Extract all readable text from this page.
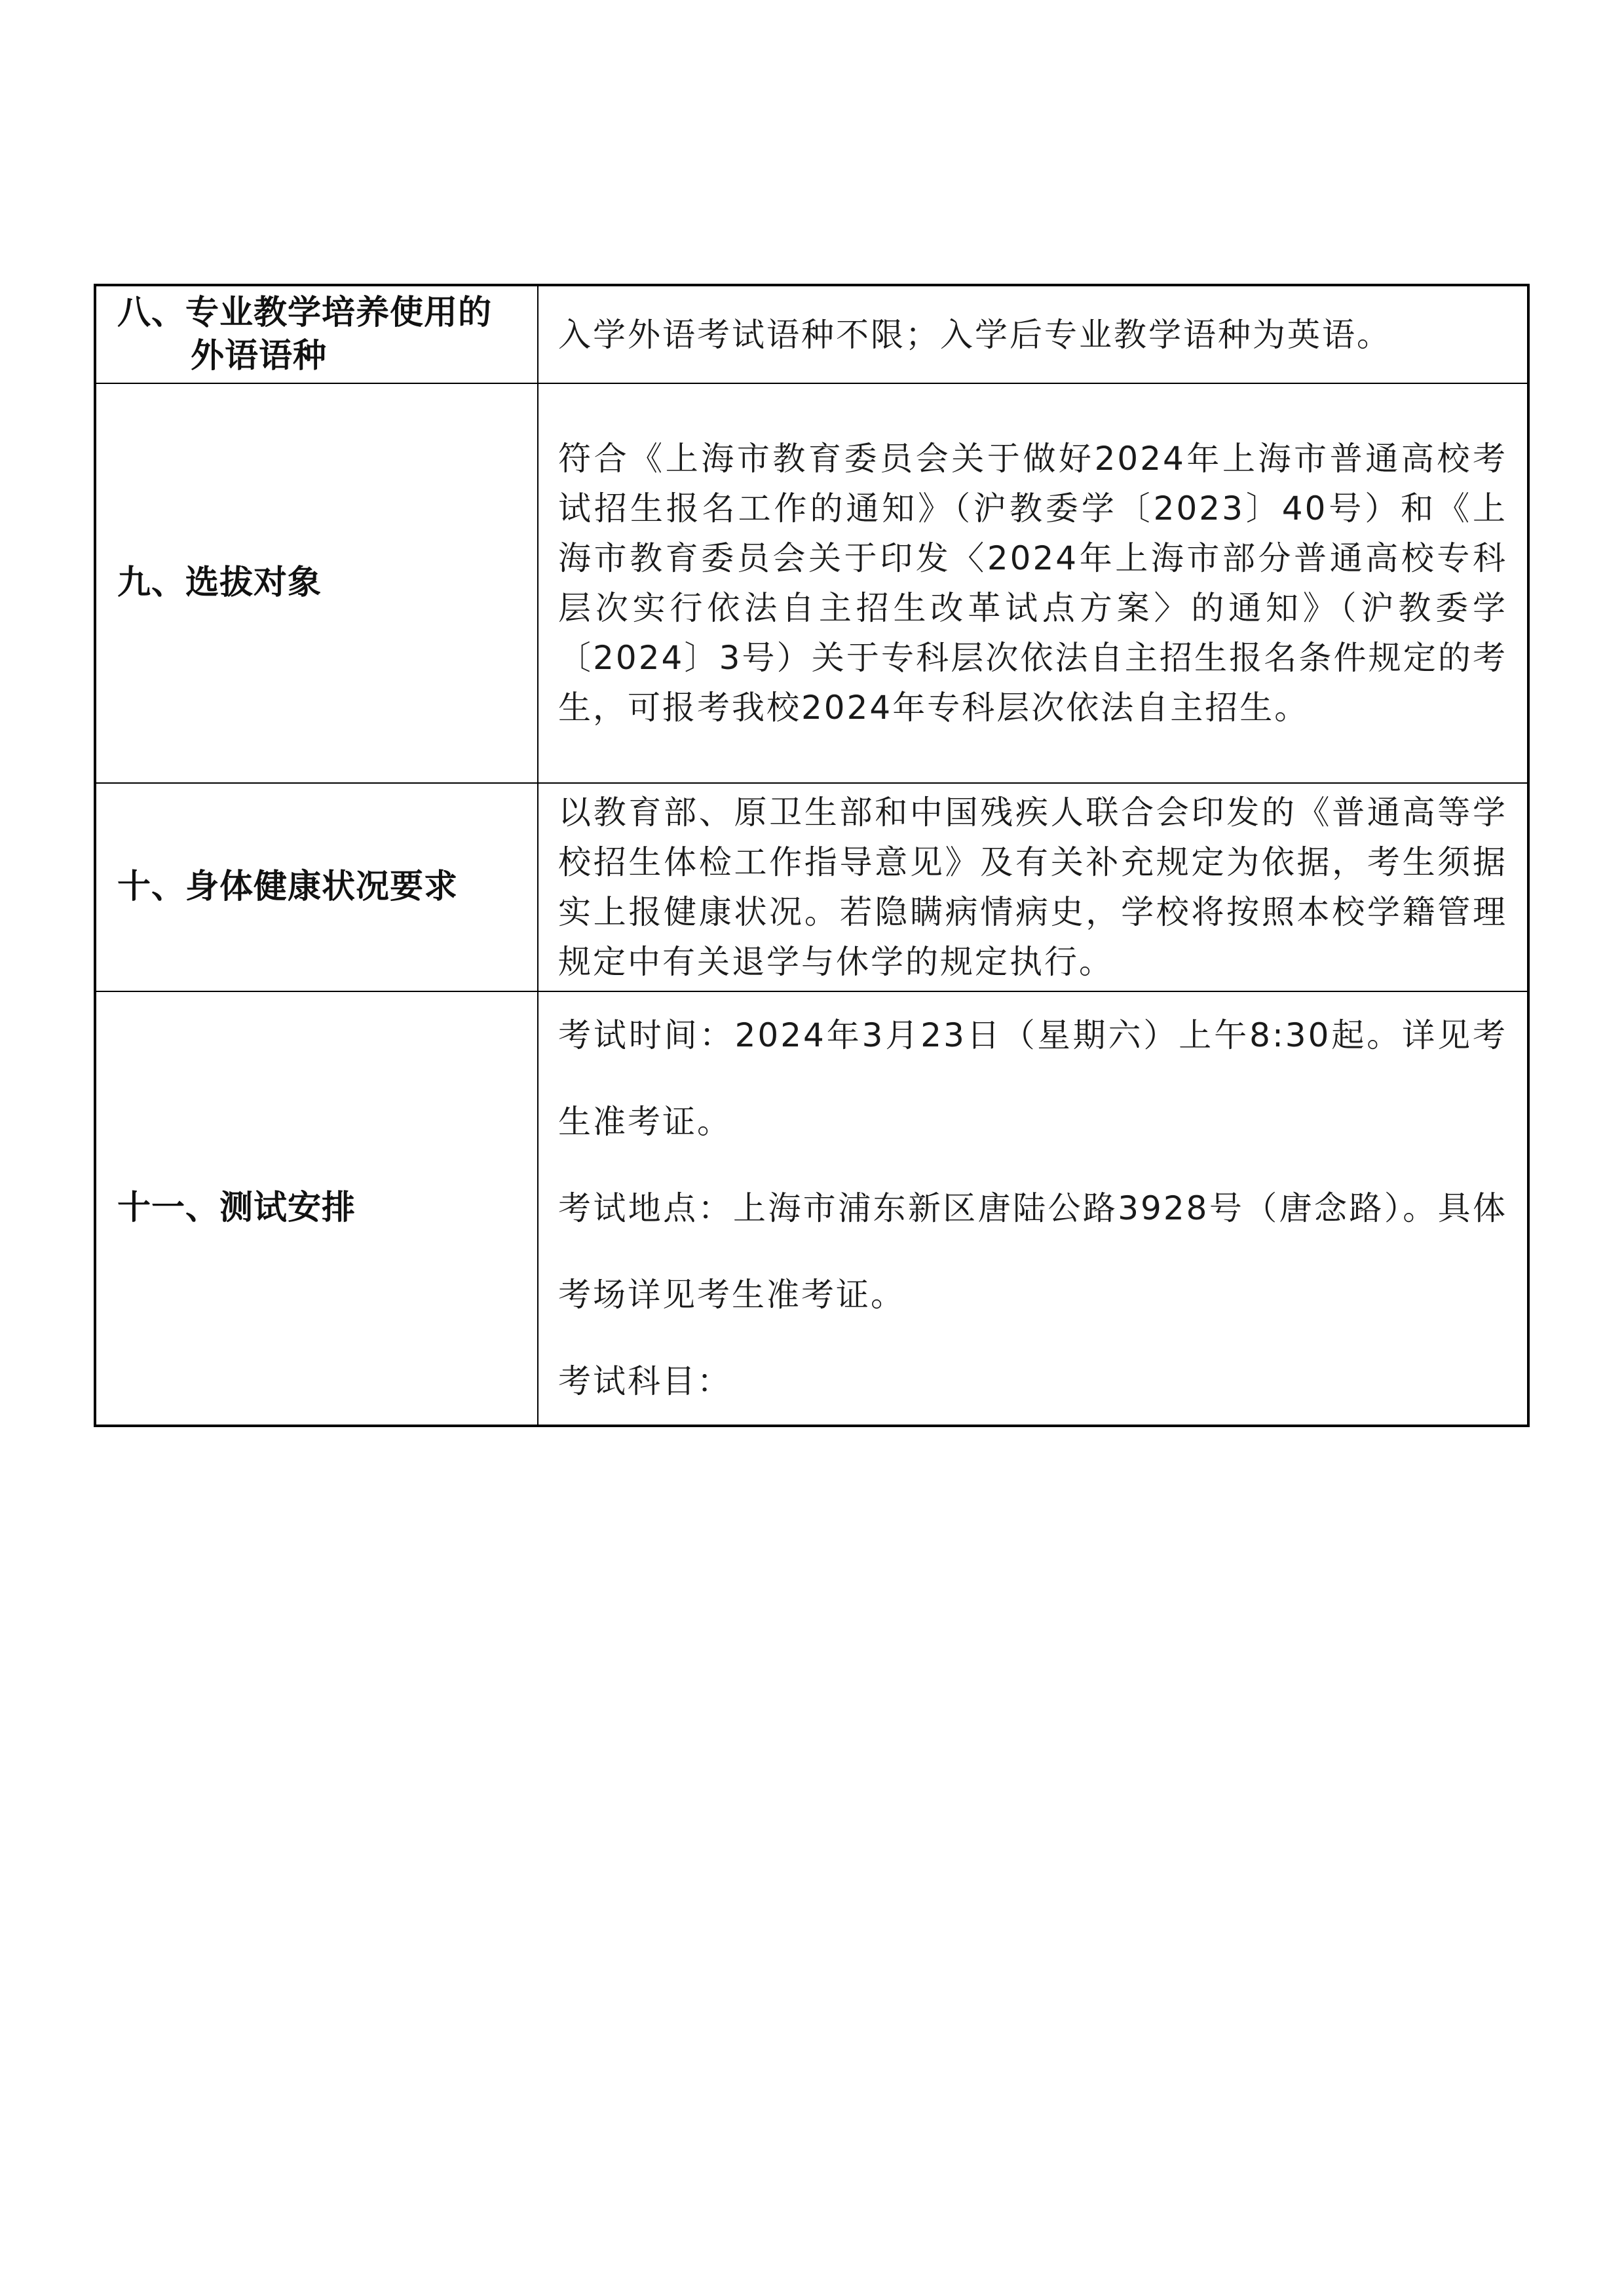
八、专业教学培养使用的外语语种	入学外语考试语种不限；入学后专业教学语种为英语。

九、选拔对象	符合《上海市教育委员会关于做好2024年上海市普通高校考试招生报名工作的通知》（沪教委学〔2023〕40号）和《上海市教育委员会关于印发〈2024年上海市部分普通高校专科层次实行依法自主招生改革试点方案〉的通知》（沪教委学〔2024〕3号）关于专科层次依法自主招生报名条件规定的考生，可报考我校2024年专科层次依法自主招生。

十、身体健康状况要求	以教育部、原卫生部和中国残疾人联合会印发的《普通高等学校招生体检工作指导意见》及有关补充规定为依据，考生须据实上报健康状况。若隐瞒病情病史，学校将按照本校学籍管理规定中有关退学与休学的规定执行。

十一、测试安排	考试时间：2024年3月23日（星期六）上午8:30起。详见考生准考证。

考试地点：上海市浦东新区唐陆公路3928号（唐念路）。具体考场详见考生准考证。

考试科目：
